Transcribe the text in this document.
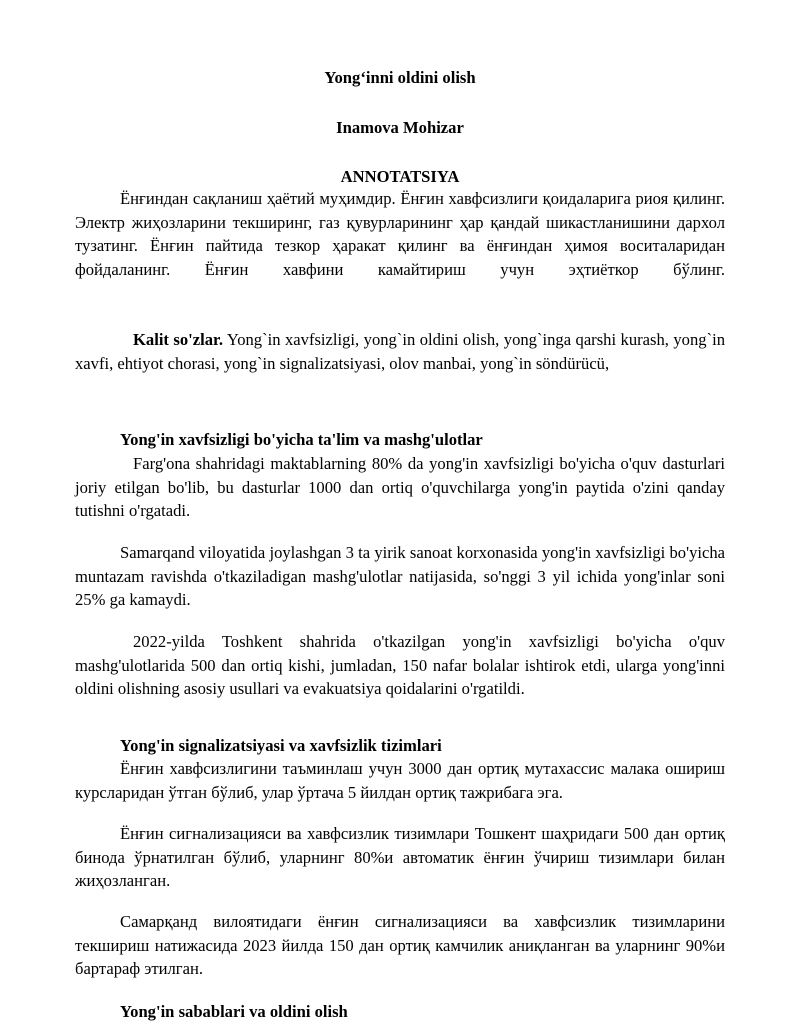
Yong‘inni oldini olish
Inamova Mohizar
ANNOTATSIYA
Ёнғиндан сақланиш ҳаётий муҳимдир. Ёнғин хавфсизлиги қоидаларига риоя қилинг. Электр жиҳозларини текширинг, газ қувурларининг ҳар қандай шикастланишини дархол тузатинг. Ёнғин пайтида тезкор ҳаракат қилинг ва ёнғиндан ҳимоя воситаларидан фойдаланинг. Ёнғин хавфини камайтириш учун эҳтиёткор бўлинг.
Kalit so'zlar. Yong`in xavfsizligi, yong`in oldini olish, yong`inga qarshi kurash, yong`in xavfi, ehtiyot chorasi, yong`in signalizatsiyasi, olov manbai, yong`in söndürücü,
Yong'in xavfsizligi bo'yicha ta'lim va mashg'ulotlar
Farg'ona shahridagi maktablarning 80% da yong'in xavfsizligi bo'yicha o'quv dasturlari joriy etilgan bo'lib, bu dasturlar 1000 dan ortiq o'quvchilarga yong'in paytida o'zini qanday tutishni o'rgatadi.
Samarqand viloyatida joylashgan 3 ta yirik sanoat korxonasida yong'in xavfsizligi bo'yicha muntazam ravishda o'tkaziladigan mashg'ulotlar natijasida, so'nggi 3 yil ichida yong'inlar soni 25% ga kamaydi.
2022-yilda Toshkent shahrida o'tkazilgan yong'in xavfsizligi bo'yicha o'quv mashg'ulotlarida 500 dan ortiq kishi, jumladan, 150 nafar bolalar ishtirok etdi, ularga yong'inni oldini olishning asosiy usullari va evakuatsiya qoidalarini o'rgatildi.
Yong'in signalizatsiyasi va xavfsizlik tizimlari
Ёнғин хавфсизлигини таъминлаш учун 3000 дан ортиқ мутахассис малака ошириш курсларидан ўтган бўлиб, улар ўртача 5 йилдан ортиқ тажрибага эга.
Ёнғин сигнализацияси ва хавфсизлик тизимлари Тошкент шаҳридаги 500 дан ортиқ бинода ўрнатилган бўлиб, уларнинг 80%и автоматик ёнғин ўчириш тизимлари билан жиҳозланган.
Самарқанд вилоятидаги ёнғин сигнализацияси ва хавфсизлик тизимларини текшириш натижасида 2023 йилда 150 дан ортиқ камчилик аниқланган ва уларнинг 90%и бартараф этилган.
Yong'in sabablari va oldini olish
